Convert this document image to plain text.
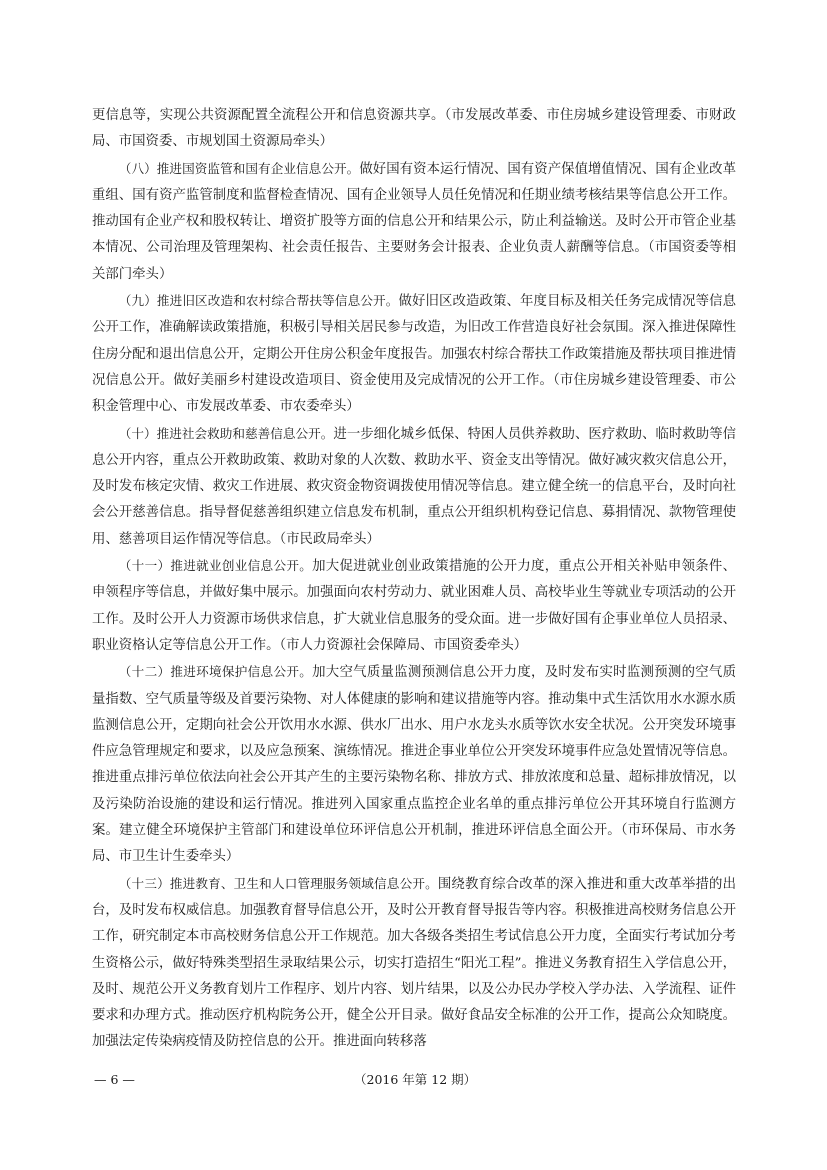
更信息等，实现公共资源配置全流程公开和信息资源共享。（市发展改革委、市住房城乡建设管理委、市财政局、市国资委、市规划国土资源局牵头）

（八）推进国资监管和国有企业信息公开。做好国有资本运行情况、国有资产保值增值情况、国有企业改革重组、国有资产监管制度和监督检查情况、国有企业领导人员任免情况和任期业绩考核结果等信息公开工作。推动国有企业产权和股权转让、增资扩股等方面的信息公开和结果公示，防止利益输送。及时公开市管企业基本情况、公司治理及管理架构、社会责任报告、主要财务会计报表、企业负责人薪酬等信息。（市国资委等相关部门牵头）

（九）推进旧区改造和农村综合帮扶等信息公开。做好旧区改造政策、年度目标及相关任务完成情况等信息公开工作，准确解读政策措施，积极引导相关居民参与改造，为旧改工作营造良好社会氛围。深入推进保障性住房分配和退出信息公开，定期公开住房公积金年度报告。加强农村综合帮扶工作政策措施及帮扶项目推进情况信息公开。做好美丽乡村建设改造项目、资金使用及完成情况的公开工作。（市住房城乡建设管理委、市公积金管理中心、市发展改革委、市农委牵头）

（十）推进社会救助和慈善信息公开。进一步细化城乡低保、特困人员供养救助、医疗救助、临时救助等信息公开内容，重点公开救助政策、救助对象的人次数、救助水平、资金支出等情况。做好减灾救灾信息公开，及时发布核定灾情、救灾工作进展、救灾资金物资调拨使用情况等信息。建立健全统一的信息平台，及时向社会公开慈善信息。指导督促慈善组织建立信息发布机制，重点公开组织机构登记信息、募捐情况、款物管理使用、慈善项目运作情况等信息。（市民政局牵头）

（十一）推进就业创业信息公开。加大促进就业创业政策措施的公开力度，重点公开相关补贴申领条件、申领程序等信息，并做好集中展示。加强面向农村劳动力、就业困难人员、高校毕业生等就业专项活动的公开工作。及时公开人力资源市场供求信息，扩大就业信息服务的受众面。进一步做好国有企事业单位人员招录、职业资格认定等信息公开工作。（市人力资源社会保障局、市国资委牵头）

（十二）推进环境保护信息公开。加大空气质量监测预测信息公开力度，及时发布实时监测预测的空气质量指数、空气质量等级及首要污染物、对人体健康的影响和建议措施等内容。推动集中式生活饮用水水源水质监测信息公开，定期向社会公开饮用水水源、供水厂出水、用户水龙头水质等饮水安全状况。公开突发环境事件应急管理规定和要求，以及应急预案、演练情况。推进企事业单位公开突发环境事件应急处置情况等信息。推进重点排污单位依法向社会公开其产生的主要污染物名称、排放方式、排放浓度和总量、超标排放情况，以及污染防治设施的建设和运行情况。推进列入国家重点监控企业名单的重点排污单位公开其环境自行监测方案。建立健全环境保护主管部门和建设单位环评信息公开机制，推进环评信息全面公开。（市环保局、市水务局、市卫生计生委牵头）

（十三）推进教育、卫生和人口管理服务领域信息公开。围绕教育综合改革的深入推进和重大改革举措的出台，及时发布权威信息。加强教育督导信息公开，及时公开教育督导报告等内容。积极推进高校财务信息公开工作，研究制定本市高校财务信息公开工作规范。加大各级各类招生考试信息公开力度，全面实行考试加分考生资格公示，做好特殊类型招生录取结果公示，切实打造招生“阳光工程”。推进义务教育招生入学信息公开，及时、规范公开义务教育划片工作程序、划片内容、划片结果，以及公办民办学校入学办法、入学流程、证件要求和办理方式。推动医疗机构院务公开，健全公开目录。做好食品安全标准的公开工作，提高公众知晓度。加强法定传染病疫情及防控信息的公开。推进面向转移落

— 6 —	（2016 年第 12 期）
